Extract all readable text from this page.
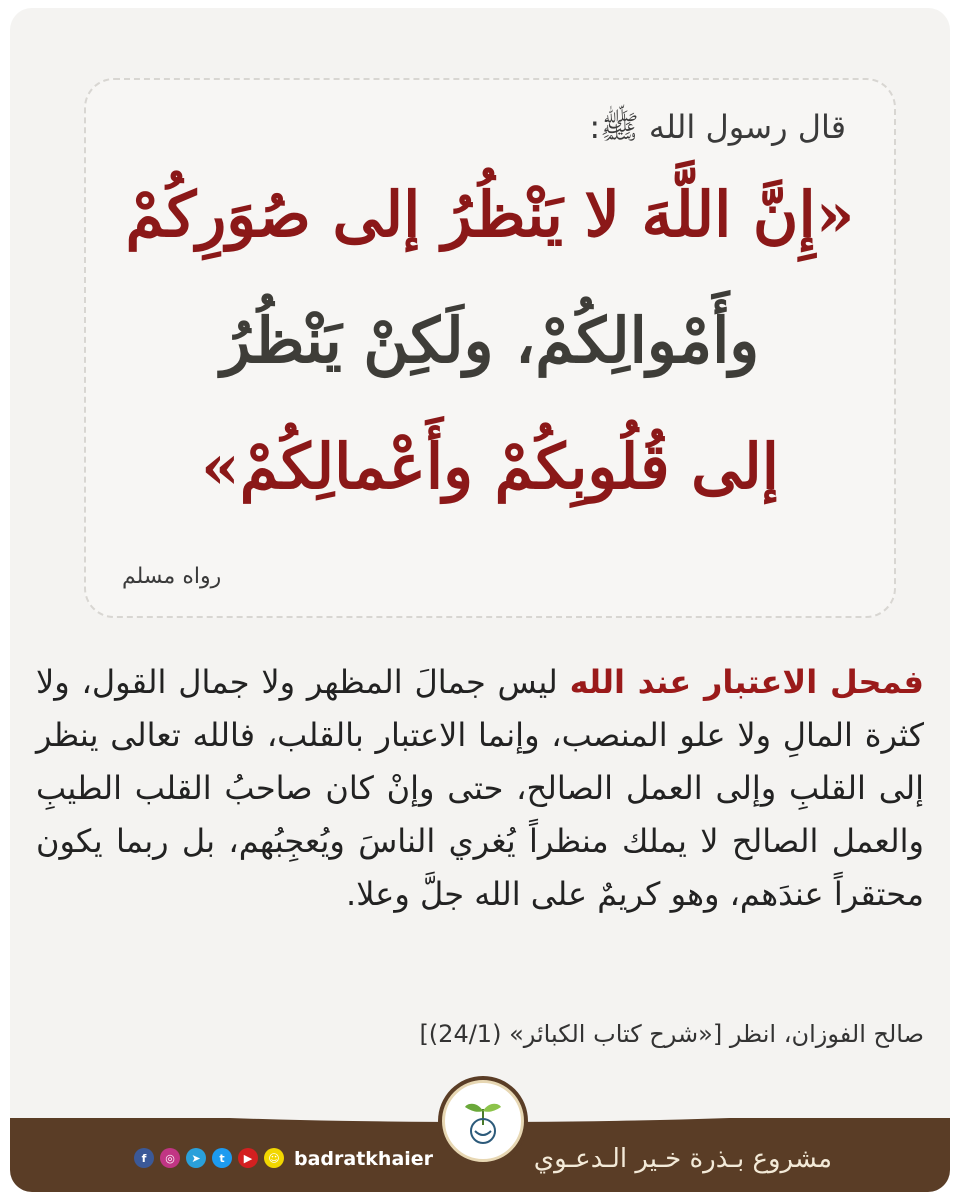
قال رسول الله ﷺ:
«إِنَّ اللَّهَ لا يَنْظُرُ إلى صُوَرِكُمْ
وأَمْوالِكُمْ، ولَكِنْ يَنْظُرُ
إلى قُلُوبِكُمْ وأَعْمالِكُمْ»
رواه مسلم
فمحل الاعتبار عند الله ليس جمالَ المظهر ولا جمال القول، ولا كثرة المالِ ولا علو المنصب، وإنما الاعتبار بالقلب، فالله تعالى ينظر إلى القلبِ وإلى العمل الصالح، حتى وإنْ كان صاحبُ القلب الطيبِ والعمل الصالح لا يملك منظراً يُغري الناسَ ويُعجِبُهم، بل ربما يكون محتقراً عندَهم، وهو كريمٌ على الله جلَّ وعلا.
صالح الفوزان، انظر [«شرح كتاب الكبائر» (24/1)]
مشروع بـذرة خـير الـدعـوي
badratkhaier
f	◎	➤	t	▶	☺
